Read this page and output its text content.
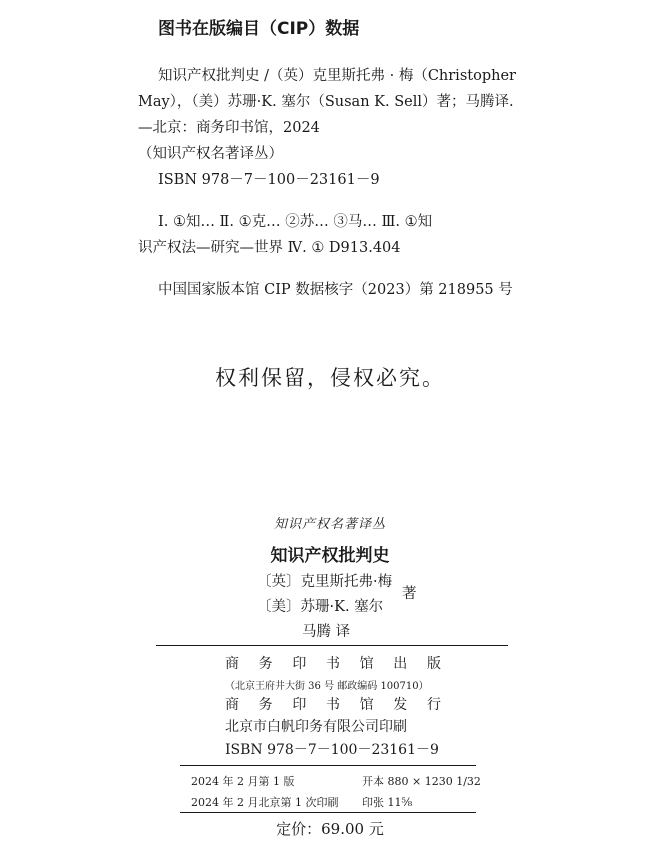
图书在版编目（CIP）数据
知识产权批判史 /（英）克里斯托弗 · 梅（Christopher
May），（美）苏珊·K. 塞尔（Susan K. Sell）著；马腾译.
—北京：商务印书馆，2024
（知识产权名著译丛）
ISBN 978－7－100－23161－9
Ⅰ. ①知… Ⅱ. ①克… ②苏… ③马… Ⅲ. ①知
识产权法—研究—世界 Ⅳ. ① D913.404
中国国家版本馆 CIP 数据核字（2023）第 218955 号
权利保留，侵权必究。
知识产权名著译丛
知识产权批判史
〔英〕克里斯托弗·梅
〔美〕苏珊·K. 塞尔
著
马腾 译
商 务 印 书 馆 出 版
（北京王府井大街 36 号 邮政编码 100710）
商 务 印 书 馆 发 行
北京市白帆印务有限公司印刷
ISBN 978－7－100－23161－9
2024 年 2 月第 1 版	开本 880 × 1230 1/32
2024 年 2 月北京第 1 次印刷 印张 11⅝
定价：69.00 元
